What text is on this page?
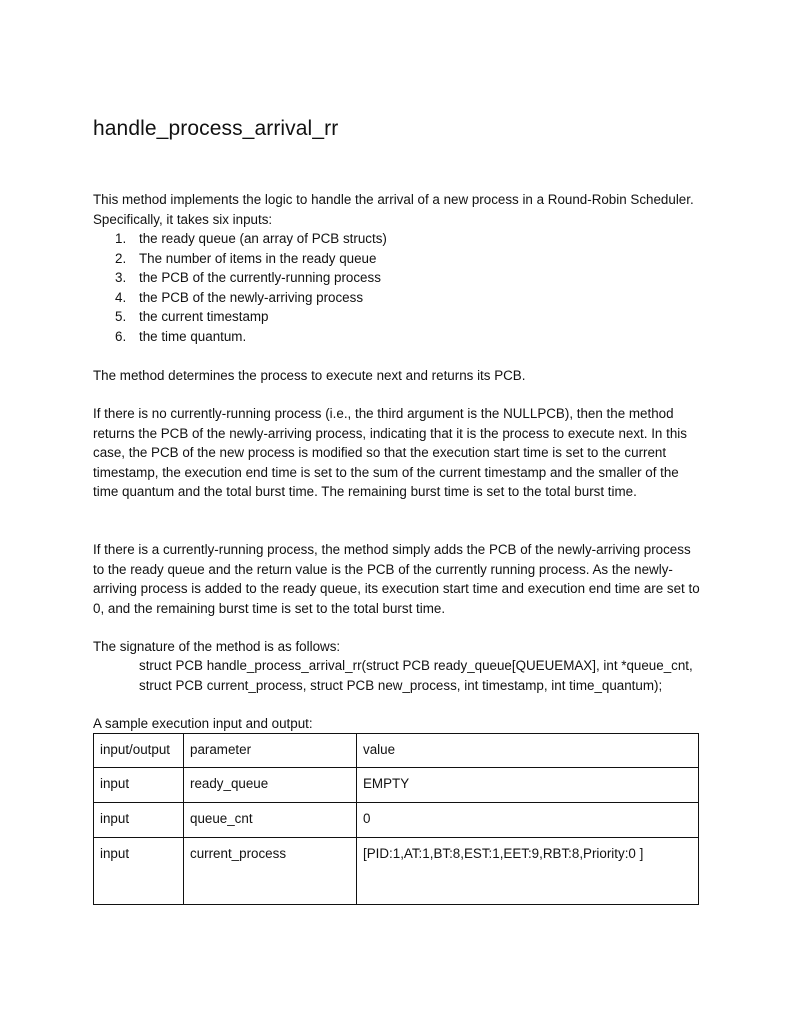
handle_process_arrival_rr

This method implements the logic to handle the arrival of a new process in a Round-Robin Scheduler. Specifically, it takes six inputs:

1. the ready queue (an array of PCB structs)
2. The number of items in the ready queue
3. the PCB of the currently-running process
4. the PCB of the newly-arriving process
5. the current timestamp
6. the time quantum.

The method determines the process to execute next and returns its PCB.

If there is no currently-running process (i.e., the third argument is the NULLPCB), then the method returns the PCB of the newly-arriving process, indicating that it is the process to execute next. In this case, the PCB of the new process is modified so that the execution start time is set to the current timestamp, the execution end time is set to the sum of the current timestamp and the smaller of the time quantum and the total burst time. The remaining burst time is set to the total burst time.

If there is a currently-running process, the method simply adds the PCB of the newly-arriving process to the ready queue and the return value is the PCB of the currently running process. As the newly-arriving process is added to the ready queue, its execution start time and execution end time are set to 0, and the remaining burst time is set to the total burst time.

The signature of the method is as follows:

struct PCB handle_process_arrival_rr(struct PCB ready_queue[QUEUEMAX], int *queue_cnt, struct PCB current_process, struct PCB new_process, int timestamp, int time_quantum);

A sample execution input and output:

input/output	parameter	value
input	ready_queue	EMPTY
input	queue_cnt	0
input	current_process	[PID:1,AT:1,BT:8,EST:1,EET:9,RBT:8,Priority:0 ]
